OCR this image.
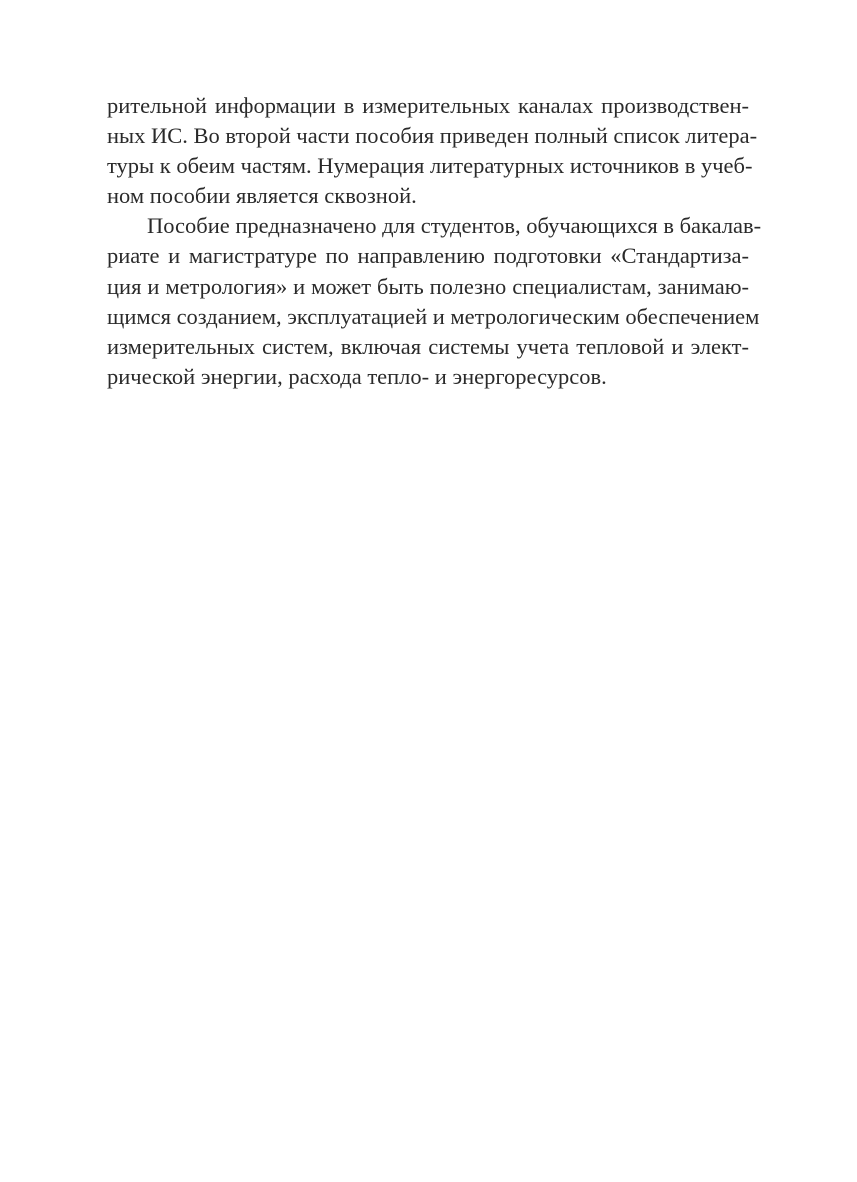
рительной информации в измерительных каналах производствен-
ных ИС. Во второй части пособия приведен полный список литера-
туры к обеим частям. Нумерация литературных источников в учеб-
ном пособии является сквозной.
Пособие предназначено для студентов, обучающихся в бакалав-
риате и магистратуре по направлению подготовки «Стандартиза-
ция и метрология» и может быть полезно специалистам, занимаю-
щимся созданием, эксплуатацией и метрологическим обеспечением
измерительных систем, включая системы учета тепловой и элект-
рической энергии, расхода тепло- и энергоресурсов.
